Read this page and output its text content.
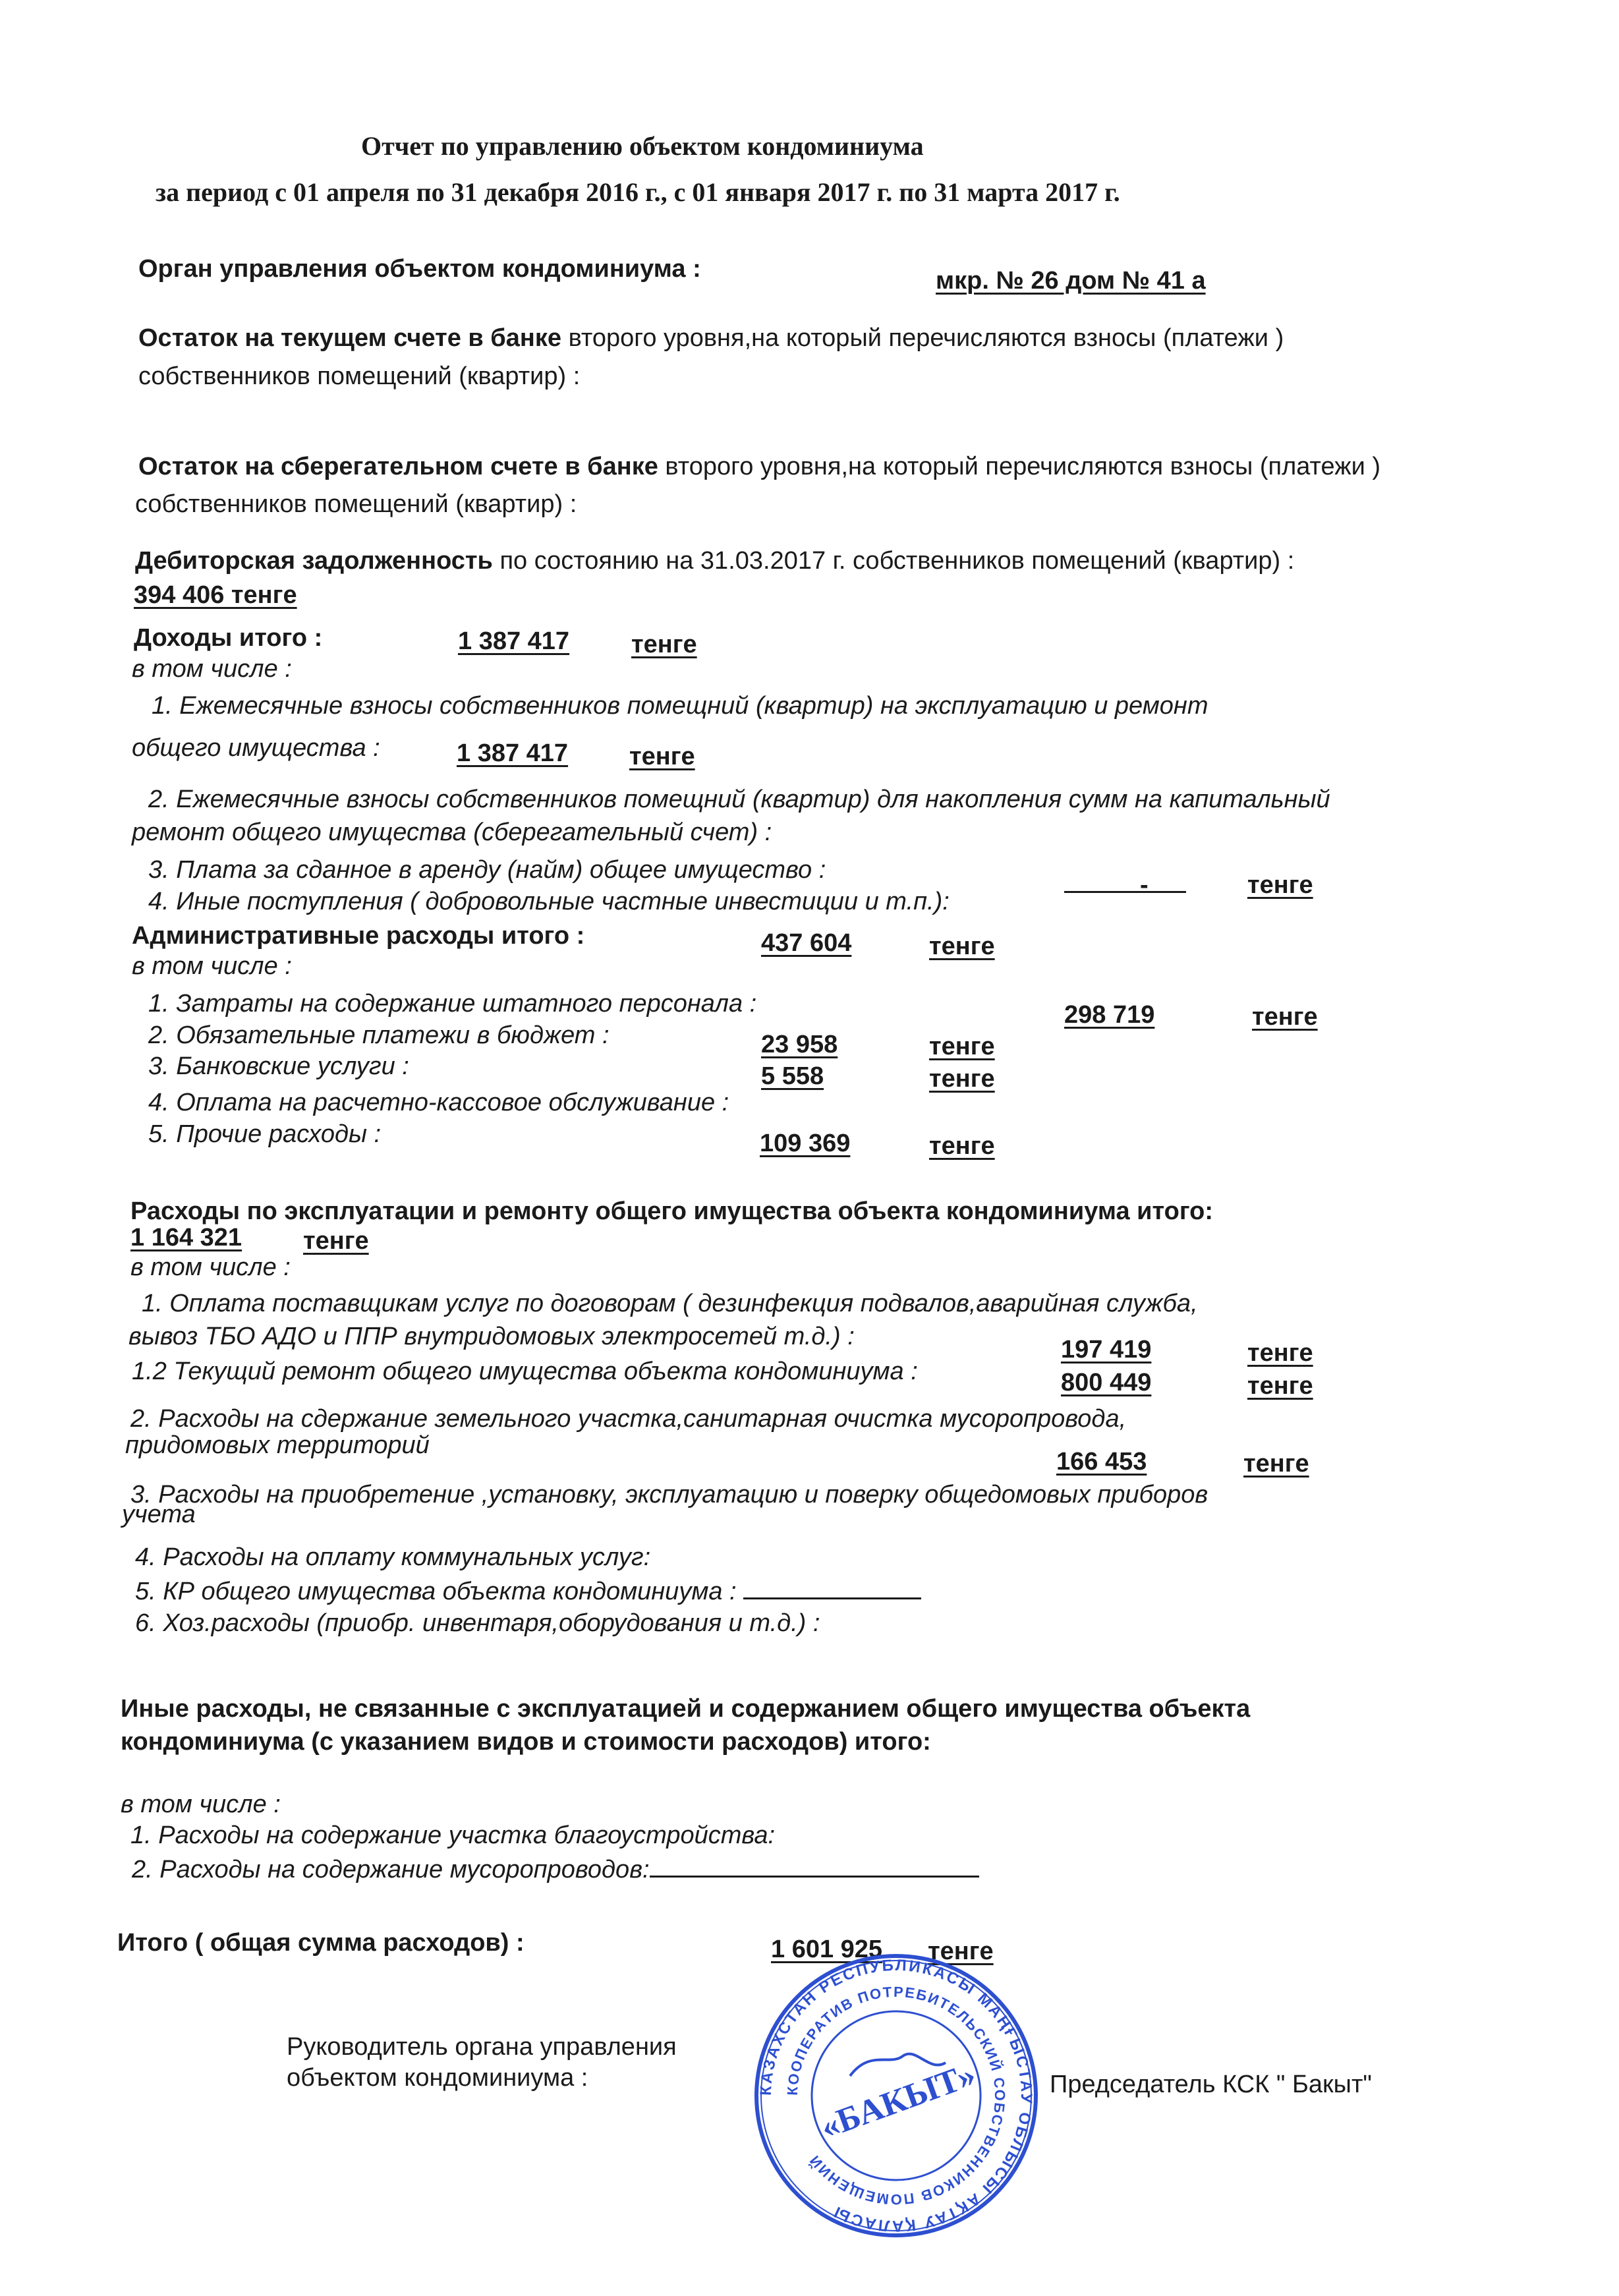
Отчет по управлению объектом кондоминиума
за период с 01 апреля по 31 декабря 2016 г., с 01 января 2017 г. по 31 марта 2017 г.
Орган управления объектом кондоминиума :	мкр. № 26 дом № 41 а
Остаток на текущем счете в банке второго уровня,на который перечисляются взносы (платежи )
собственников помещений (квартир) :
Остаток на сберегательном счете в банке второго уровня,на который перечисляются взносы (платежи )
собственников помещений (квартир) :
Дебиторская задолженность по состоянию на 31.03.2017 г. собственников помещений (квартир) :
394 406 тенге
Доходы итого :	1 387 417 тенге
в том числе :
1. Ежемесячные взносы собственников помещний (квартир) на эксплуатацию и ремонт
общего имущества :	1 387 417 тенге
2. Ежемесячные взносы собственников помещний (квартир) для накопления сумм на капитальный
ремонт общего имущества (сберегательный счет) :
3. Плата за сданное в аренду (найм) общее имущество :
-	тенге
4. Иные поступления ( добровольные частные инвестиции и т.п.):
Административные расходы итого :	437 604	тенге
в том числе :
1. Затраты на содержание штатного персонала :	298 719	тенге
2. Обязательные платежи в бюджет :	23 958	тенге
3. Банковские услуги :	5 558	тенге
4. Оплата на расчетно-кассовое обслуживание :
5. Прочие расходы :	109 369	тенге
Расходы по эксплуатации и ремонту общего имущества объекта кондоминиума итого:
1 164 321 тенге
в том числе :
1. Оплата поставщикам услуг по договорам ( дезинфекция подвалов,аварийная служба,
вывоз ТБО АДО и ППР внутридомовых электросетей т.д.) :	197 419	тенге
1.2 Текущий ремонт общего имущества объекта кондоминиума :	800 449	тенге
2. Расходы на сдержание земельного участка,санитарная очистка мусоропровода,
придомовых территорий
166 453	тенге
3. Расходы на приобретение ,установку, эксплуатацию и поверку общедомовых приборов
учета
4. Расходы на оплату коммунальных услуг:
5. КР общего имущества объекта кондоминиума :
6. Хоз.расходы (приобр. инвентаря,оборудования и т.д.) :
Иные расходы, не связанные с эксплуатацией и содержанием общего имущества объекта
кондоминиума (с указанием видов и стоимости расходов) итого:
в том числе :
1. Расходы на содержание участка благоустройства:
2. Расходы на содержание мусоропроводов:
Итого ( общая сумма расходов) :	1 601 925 тенге
Руководитель органа управления
объектом кондоминиума :	Председатель КСК " Бакыт"
КАЗАХСТАН РЕСПУБЛИКАСЫ МАҢҒЫСТАУ ОБЛЫСЫ АҚТАУ ҚАЛАСЫ
КООПЕРАТИВ ПОТРЕБИТЕЛЬСКИЙ СОБСТВЕННИКОВ ПОМЕЩЕНИЙ
«БАКЫТ»
